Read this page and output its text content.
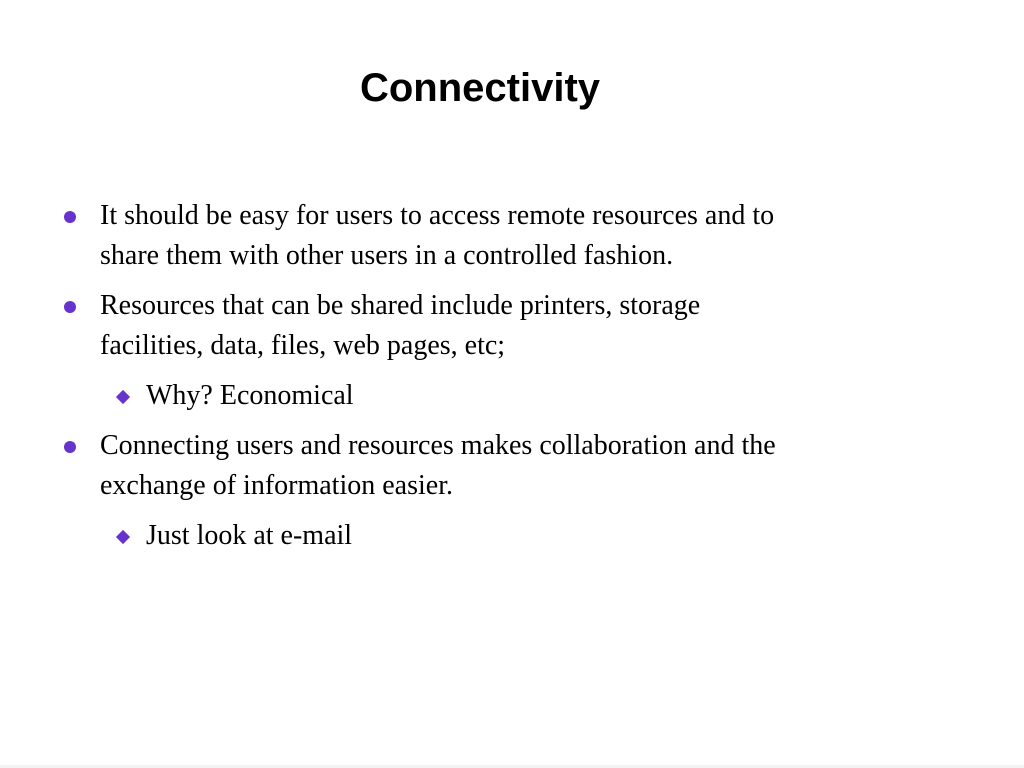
Connectivity
It should be easy for users to access remote resources and to
share them with other users in a controlled fashion.
Resources that can be shared include printers, storage
facilities, data, files, web pages, etc;
Why? Economical
Connecting users and resources makes collaboration and the
exchange of information easier.
Just look at e-mail
